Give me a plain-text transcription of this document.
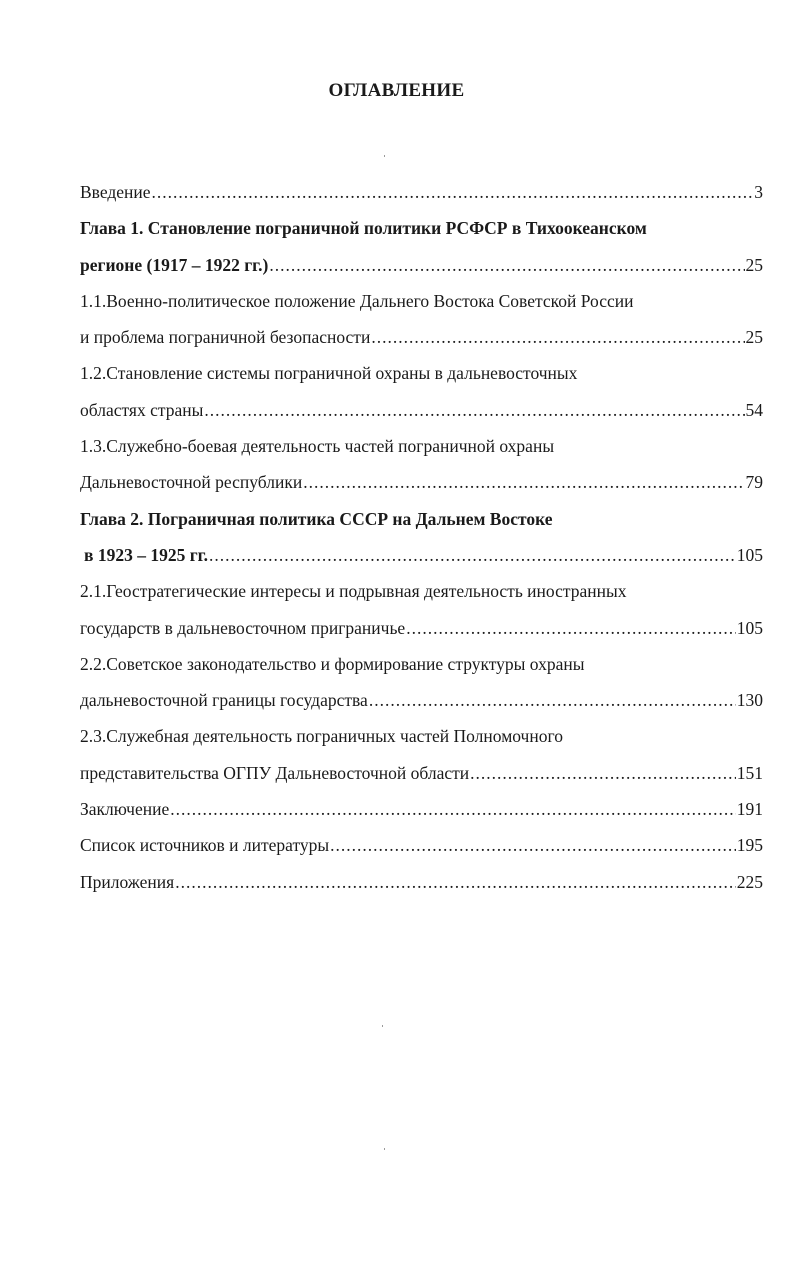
ОГЛАВЛЕНИЕ
Введение .....	3
Глава 1. Становление пограничной политики РСФСР в Тихоокеанском
регионе (1917 – 1922 гг.) .....	25
1.1.Военно-политическое положение Дальнего Востока Советской России
и проблема пограничной безопасности .....	25
1.2.Становление системы пограничной охраны в дальневосточных
областях страны .....	54
1.3.Служебно-боевая деятельность частей пограничной охраны
Дальневосточной республики .....	79
Глава 2. Пограничная политика СССР на Дальнем Востоке
в 1923 – 1925 гг. .....	105
2.1.Геостратегические интересы и подрывная деятельность иностранных
государств в дальневосточном приграничье .....	105
2.2.Советское законодательство и формирование структуры охраны
дальневосточной границы государства .....	130
2.3.Служебная деятельность пограничных частей Полномочного
представительства ОГПУ Дальневосточной области .....	151
Заключение .....	191
Список источников и литературы .....	195
Приложения .....	225
